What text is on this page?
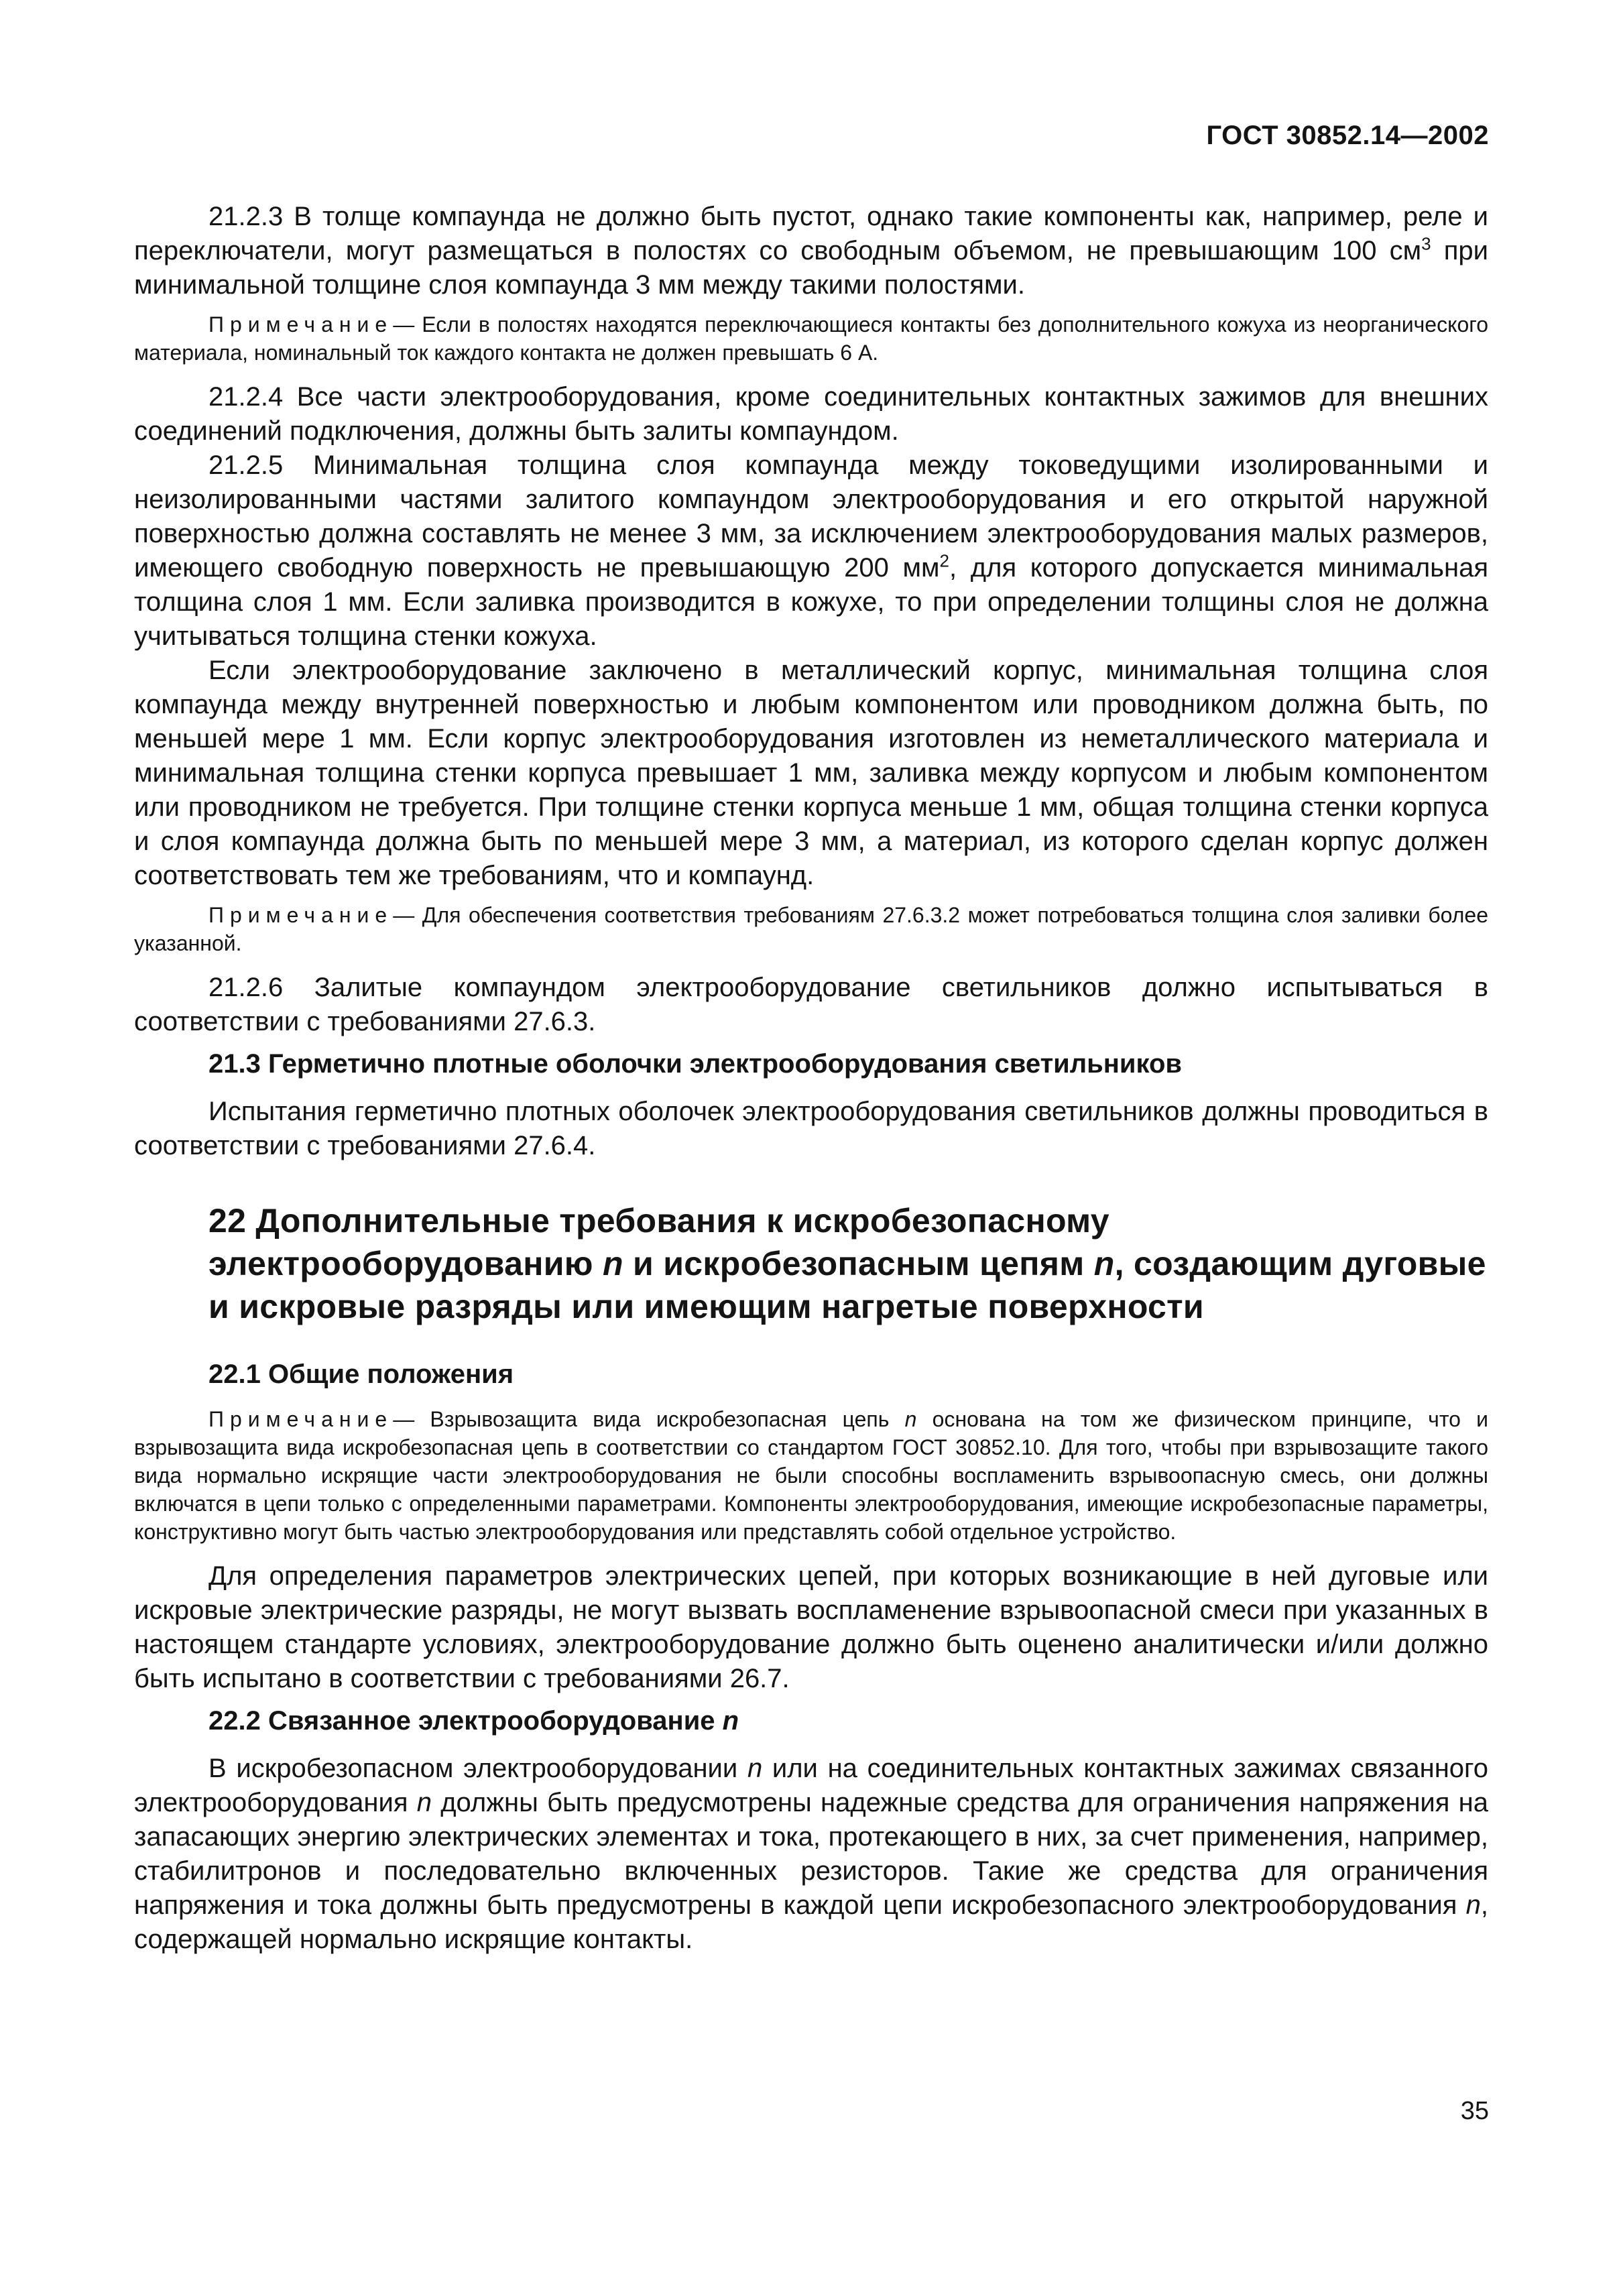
ГОСТ 30852.14—2002

21.2.3 В толще компаунда не должно быть пустот, однако такие компоненты как, например, реле и переключатели, могут размещаться в полостях со свободным объемом, не превышающим 100 $см^3$ при минимальной толщине слоя компаунда 3 мм между такими полостями.

Примечание— Если в полостях находятся переключающиеся контакты без дополнительного кожуха из неорганического материала, номинальный ток каждого контакта не должен превышать 6 А.

21.2.4 Все части электрооборудования, кроме соединительных контактных зажимов для внешних соединений подключения, должны быть залиты компаундом.

21.2.5 Минимальная толщина слоя компаунда между токоведущими изолированными и неизолированными частями залитого компаундом электрооборудования и его открытой наружной поверхностью должна составлять не менее 3 мм, за исключением электрооборудования малых размеров, имеющего свободную поверхность не превышающую 200 $мм^2$, для которого допускается минимальная толщина слоя 1 мм. Если заливка производится в кожухе, то при определении толщины слоя не должна учитываться толщина стенки кожуха.

Если электрооборудование заключено в металлический корпус, минимальная толщина слоя компаунда между внутренней поверхностью и любым компонентом или проводником должна быть, по меньшей мере 1 мм. Если корпус электрооборудования изготовлен из неметаллического материала и минимальная толщина стенки корпуса превышает 1 мм, заливка между корпусом и любым компонентом или проводником не требуется. При толщине стенки корпуса меньше 1 мм, общая толщина стенки корпуса и слоя компаунда должна быть по меньшей мере 3 мм, а материал, из которого сделан корпус должен соответствовать тем же требованиям, что и компаунд.

Примечание— Для обеспечения соответствия требованиям 27.6.3.2 может потребоваться толщина слоя заливки более указанной.

21.2.6 Залитые компаундом электрооборудование светильников должно испытываться в соответствии с требованиями 27.6.3.

21.3 Герметично плотные оболочки электрооборудования светильников

Испытания герметично плотных оболочек электрооборудования светильников должны проводиться в соответствии с требованиями 27.6.4.

22 Дополнительные требования к искробезопасному электрооборудованию n и искробезопасным цепям n, создающим дуговые и искровые разряды или имеющим нагретые поверхности
22.1 Общие положения

Примечание— Взрывозащита вида искробезопасная цепь n основана на том же физическом принципе, что и взрывозащита вида искробезопасная цепь в соответствии со стандартом ГОСТ 30852.10. Для того, чтобы при взрывозащите такого вида нормально искрящие части электрооборудования не были способны воспламенить взрывоопасную смесь, они должны включатся в цепи только с определенными параметрами. Компоненты электрооборудования, имеющие искробезопасные параметры, конструктивно могут быть частью электрооборудования или представлять собой отдельное устройство.

Для определения параметров электрических цепей, при которых возникающие в ней дуговые или искровые электрические разряды, не могут вызвать воспламенение взрывоопасной смеси при указанных в настоящем стандарте условиях, электрооборудование должно быть оценено аналитически и/или должно быть испытано в соответствии с требованиями 26.7.

22.2 Связанное электрооборудование n

В искробезопасном электрооборудовании n или на соединительных контактных зажимах связанного электрооборудования n должны быть предусмотрены надежные средства для ограничения напряжения на запасающих энергию электрических элементах и тока, протекающего в них, за счет применения, например, стабилитронов и последовательно включенных резисторов. Такие же средства для ограничения напряжения и тока должны быть предусмотрены в каждой цепи искробезопасного электрооборудования n, содержащей нормально искрящие контакты.

35
